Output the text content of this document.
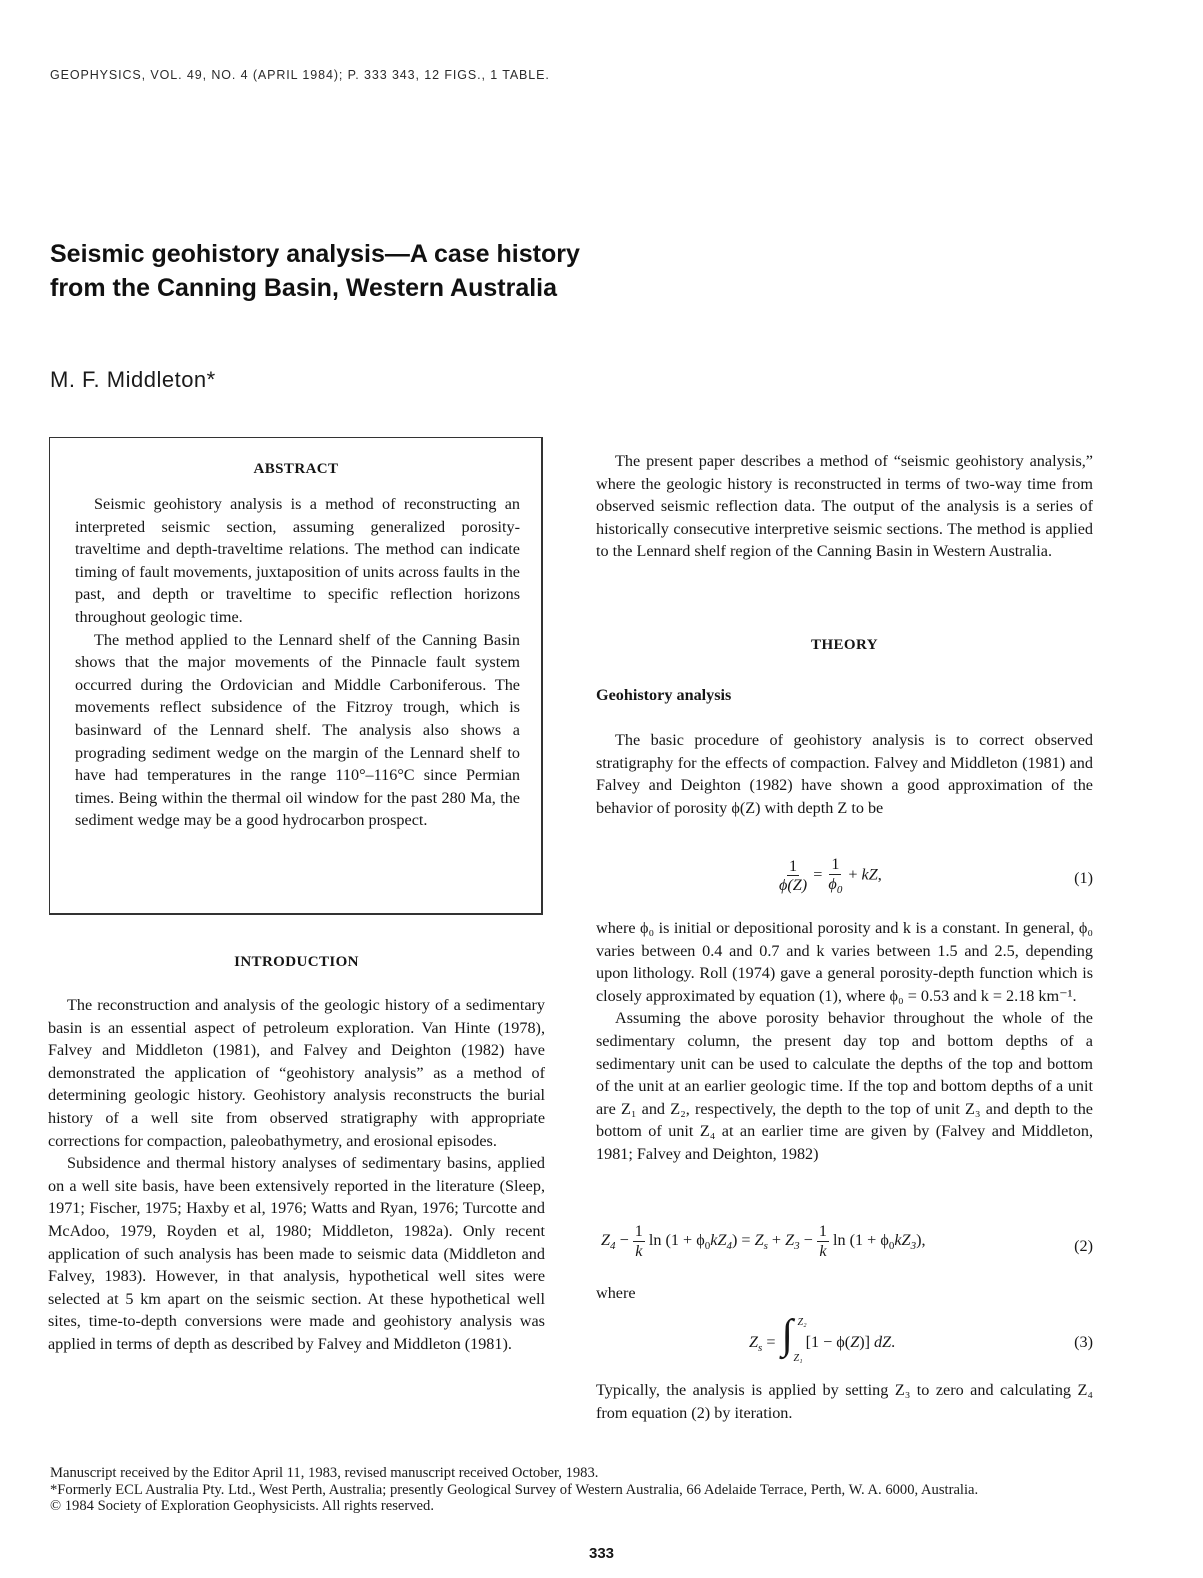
GEOPHYSICS, VOL. 49, NO. 4 (APRIL 1984); P. 333 343, 12 FIGS., 1 TABLE.
Seismic geohistory analysis—A case history
from the Canning Basin, Western Australia
M. F. Middleton*
ABSTRACT

Seismic geohistory analysis is a method of reconstructing an interpreted seismic section, assuming generalized porosity-traveltime and depth-traveltime relations. The method can indicate timing of fault movements, juxtaposition of units across faults in the past, and depth or traveltime to specific reflection horizons throughout geologic time.

The method applied to the Lennard shelf of the Canning Basin shows that the major movements of the Pinnacle fault system occurred during the Ordovician and Middle Carboniferous. The movements reflect subsidence of the Fitzroy trough, which is basinward of the Lennard shelf. The analysis also shows a prograding sediment wedge on the margin of the Lennard shelf to have had temperatures in the range 110°–116°C since Permian times. Being within the thermal oil window for the past 280 Ma, the sediment wedge may be a good hydrocarbon prospect.

INTRODUCTION

The reconstruction and analysis of the geologic history of a sedimentary basin is an essential aspect of petroleum exploration. Van Hinte (1978), Falvey and Middleton (1981), and Falvey and Deighton (1982) have demonstrated the application of “geohistory analysis” as a method of determining geologic history. Geohistory analysis reconstructs the burial history of a well site from observed stratigraphy with appropriate corrections for compaction, paleobathymetry, and erosional episodes.

Subsidence and thermal history analyses of sedimentary basins, applied on a well site basis, have been extensively reported in the literature (Sleep, 1971; Fischer, 1975; Haxby et al, 1976; Watts and Ryan, 1976; Turcotte and McAdoo, 1979, Royden et al, 1980; Middleton, 1982a). Only recent application of such analysis has been made to seismic data (Middleton and Falvey, 1983). However, in that analysis, hypothetical well sites were selected at 5 km apart on the seismic section. At these hypothetical well sites, time-to-depth conversions were made and geohistory analysis was applied in terms of depth as described by Falvey and Middleton (1981).

The present paper describes a method of “seismic geohistory analysis,” where the geologic history is reconstructed in terms of two-way time from observed seismic reflection data. The output of the analysis is a series of historically consecutive interpretive seismic sections. The method is applied to the Lennard shelf region of the Canning Basin in Western Australia.

THEORY
Geohistory analysis

The basic procedure of geohistory analysis is to correct observed stratigraphy for the effects of compaction. Falvey and Middleton (1981) and Falvey and Deighton (1982) have shown a good approximation of the behavior of porosity ϕ(Z) with depth Z to be

$\frac{1}{\phi(Z)} = \frac{1}{\phi_0}$ + kZ,	(1)

where ϕ₀ is initial or depositional porosity and k is a constant. In general, ϕ₀ varies between 0.4 and 0.7 and k varies between 1.5 and 2.5, depending upon lithology. Roll (1974) gave a general porosity-depth function which is closely approximated by equation (1), where ϕ₀ = 0.53 and k = 2.18 km⁻¹.

Assuming the above porosity behavior throughout the whole of the sedimentary column, the present day top and bottom depths of a sedimentary unit can be used to calculate the depths of the top and bottom of the unit at an earlier geologic time. If the top and bottom depths of a unit are Z₁ and Z₂, respectively, the depth to the top of unit Z₃ and depth to the bottom of unit Z₄ at an earlier time are given by (Falvey and Middleton, 1981; Falvey and Deighton, 1982)

$Z_4 - \frac{1}{k}$ $\ln (1 + \phi_0kZ_4) = Z_s + Z_3 - \frac{1}{k}$ $\ln (1 + \phi_0kZ_3)$,	(2)
where
$Z_s$ = ∫ Z₂
Z₁
[1 − ϕ(Z)] dZ.	(3)

Typically, the analysis is applied by setting Z₃ to zero and calculating Z₄ from equation (2) by iteration.

Manuscript received by the Editor April 11, 1983, revised manuscript received October, 1983.
*Formerly ECL Australia Pty. Ltd., West Perth, Australia; presently Geological Survey of Western Australia, 66 Adelaide Terrace, Perth, W. A. 6000, Australia.
© 1984 Society of Exploration Geophysicists. All rights reserved.
333
